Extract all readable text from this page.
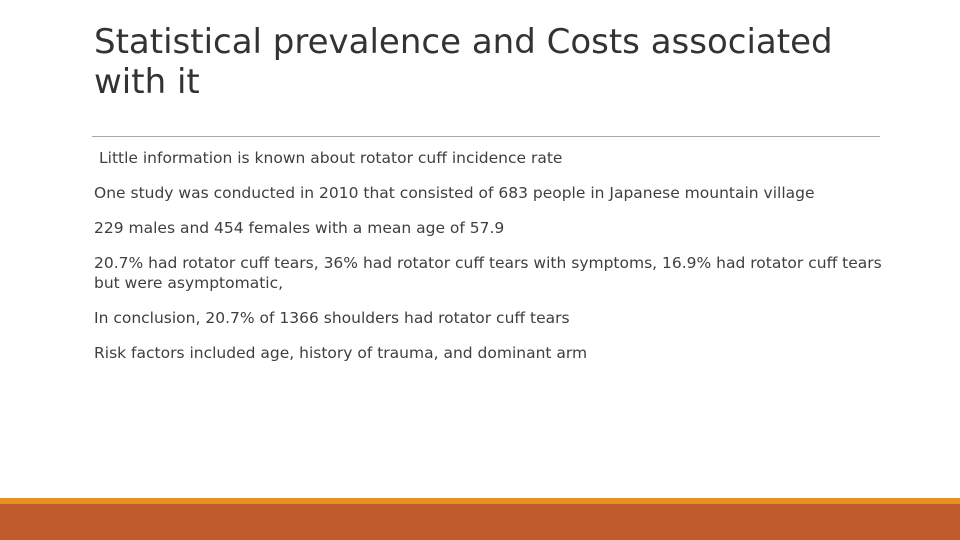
Statistical prevalence and Costs associated with it
Little information is known about rotator cuff incidence rate
One study was conducted in 2010 that consisted of 683 people in Japanese mountain village
229 males and 454 females with a mean age of 57.9
20.7% had rotator cuff tears, 36% had rotator cuff tears with symptoms, 16.9% had rotator cuff tears but were asymptomatic,
In conclusion, 20.7% of 1366 shoulders had rotator cuff tears
Risk factors included age, history of trauma, and dominant arm
